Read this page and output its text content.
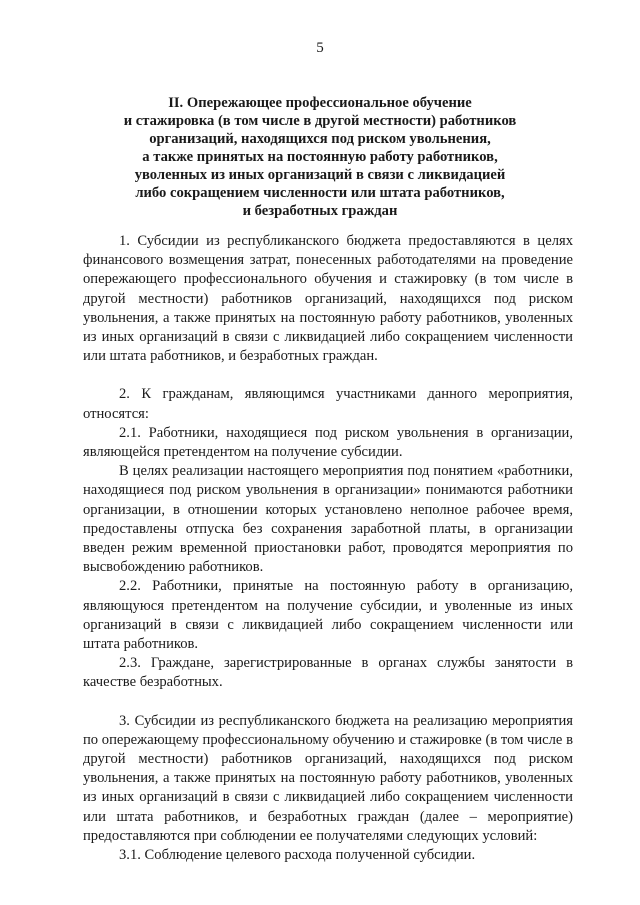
5
II. Опережающее профессиональное обучение
и стажировка (в том числе в другой местности) работников
организаций, находящихся под риском увольнения,
а также принятых на постоянную работу работников,
уволенных из иных организаций в связи с ликвидацией
либо сокращением численности или штата работников,
и безработных граждан

1. Субсидии из республиканского бюджета предоставляются в целях финансового возмещения затрат, понесенных работодателями на проведение опережающего профессионального обучения и стажировку (в том числе в другой местности) работников организаций, находящихся под риском увольнения, а также принятых на постоянную работу работников, уволенных из иных организаций в связи с ликвидацией либо сокращением численности или штата работников, и безработных граждан.

2. К гражданам, являющимся участниками данного мероприятия, относятся:

2.1. Работники, находящиеся под риском увольнения в организации, являющейся претендентом на получение субсидии.

В целях реализации настоящего мероприятия под понятием «работники, находящиеся под риском увольнения в организации» понимаются работники организации, в отношении которых установлено неполное рабочее время, предоставлены отпуска без сохранения заработной платы, в организации введен режим временной приостановки работ, проводятся мероприятия по высвобождению работников.

2.2. Работники, принятые на постоянную работу в организацию, являющуюся претендентом на получение субсидии, и уволенные из иных организаций в связи с ликвидацией либо сокращением численности или штата работников.

2.3. Граждане, зарегистрированные в органах службы занятости в качестве безработных.

3. Субсидии из республиканского бюджета на реализацию мероприятия по опережающему профессиональному обучению и стажировке (в том числе в другой местности) работников организаций, находящихся под риском увольнения, а также принятых на постоянную работу работников, уволенных из иных организаций в связи с ликвидацией либо сокращением численности или штата работников, и безработных граждан (далее – мероприятие) предоставляются при соблюдении ее получателями следующих условий:

3.1. Соблюдение целевого расхода полученной субсидии.
